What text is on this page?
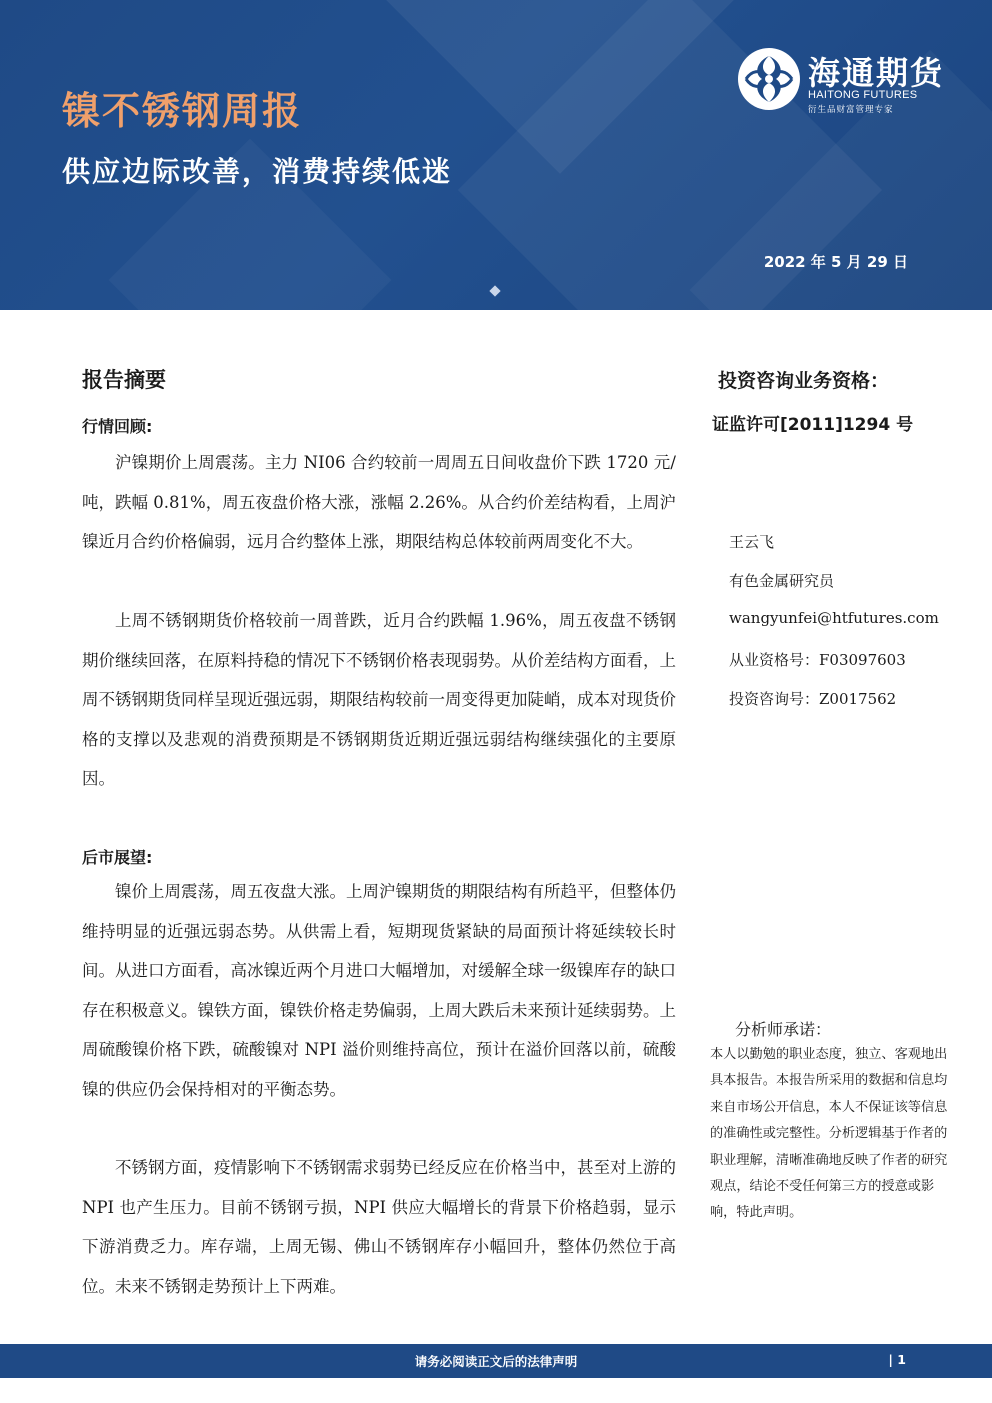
镍不锈钢周报
供应边际改善，消费持续低迷
2022 年 5 月 29 日
海通期货
HAITONG FUTURES
衍生品财富管理专家
报告摘要
行情回顾:

沪镍期价上周震荡。主力 NI06 合约较前一周周五日间收盘价下跌 1720 元/吨，跌幅 0.81%，周五夜盘价格大涨，涨幅 2.26%。从合约价差结构看，上周沪镍近月合约价格偏弱，远月合约整体上涨，期限结构总体较前两周变化不大。

上周不锈钢期货价格较前一周普跌，近月合约跌幅 1.96%，周五夜盘不锈钢期价继续回落，在原料持稳的情况下不锈钢价格表现弱势。从价差结构方面看，上周不锈钢期货同样呈现近强远弱，期限结构较前一周变得更加陡峭，成本对现货价格的支撑以及悲观的消费预期是不锈钢期货近期近强远弱结构继续强化的主要原因。

后市展望:

镍价上周震荡，周五夜盘大涨。上周沪镍期货的期限结构有所趋平，但整体仍维持明显的近强远弱态势。从供需上看，短期现货紧缺的局面预计将延续较长时间。从进口方面看，高冰镍近两个月进口大幅增加，对缓解全球一级镍库存的缺口存在积极意义。镍铁方面，镍铁价格走势偏弱，上周大跌后未来预计延续弱势。上周硫酸镍价格下跌，硫酸镍对 NPI 溢价则维持高位，预计在溢价回落以前，硫酸镍的供应仍会保持相对的平衡态势。

不锈钢方面，疫情影响下不锈钢需求弱势已经反应在价格当中，甚至对上游的 NPI 也产生压力。目前不锈钢亏损，NPI 供应大幅增长的背景下价格趋弱，显示下游消费乏力。库存端，上周无锡、佛山不锈钢库存小幅回升，整体仍然位于高位。未来不锈钢走势预计上下两难。

投资咨询业务资格：
证监许可[2011]1294 号
王云飞
有色金属研究员
wangyunfei@htfutures.com
从业资格号：F03097603
投资咨询号：Z0017562
分析师承诺：

本人以勤勉的职业态度，独立、客观地出具本报告。本报告所采用的数据和信息均来自市场公开信息，本人不保证该等信息的准确性或完整性。分析逻辑基于作者的职业理解，清晰准确地反映了作者的研究观点，结论不受任何第三方的授意或影响，特此声明。

请务必阅读正文后的法律声明	| 1
